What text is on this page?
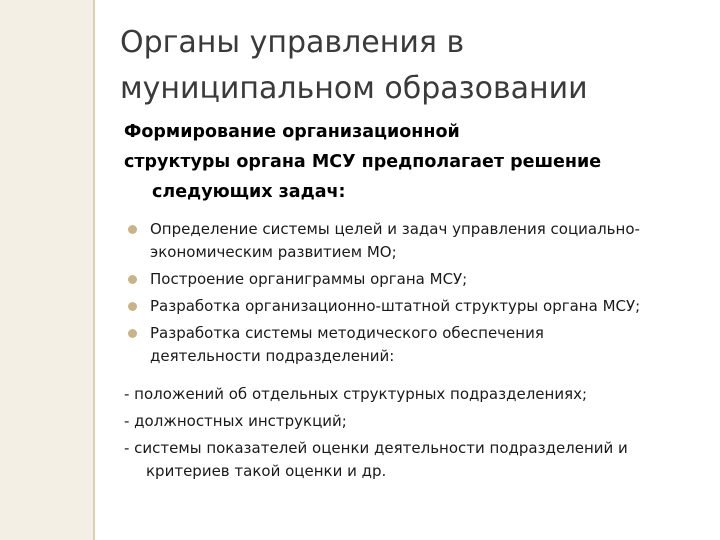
Органы управления в
муниципальном образовании

Формирование организационной
структуры органа МСУ предполагает решение
следующих задач:

Определение системы целей и задач управления социально-
экономическим развитием МО;
Построение органиграммы органа МСУ;
Разработка организационно-штатной структуры органа МСУ;
Разработка системы методического обеспечения
деятельности подразделений:
- положений об отдельных структурных подразделениях;
- должностных инструкций;
- системы показателей оценки деятельности подразделений и
критериев такой оценки и др.
